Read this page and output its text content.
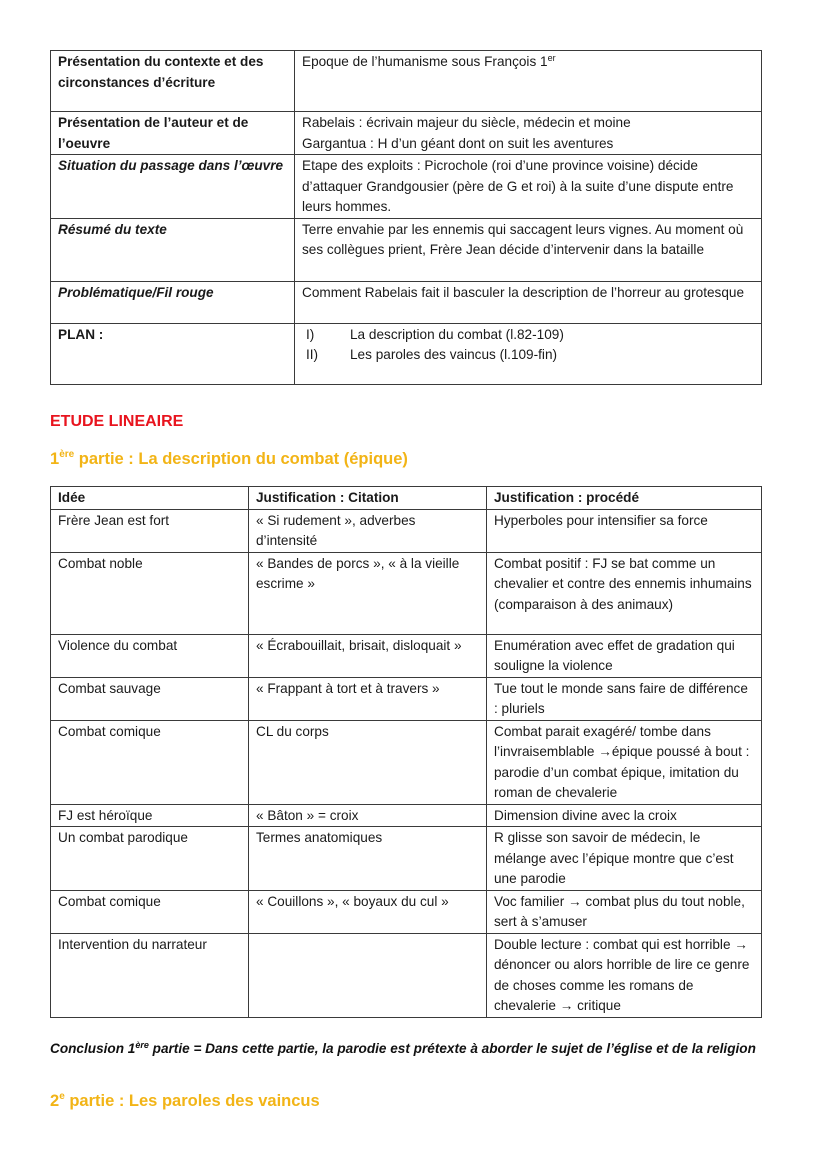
Présentation du contexte et des circonstances d’écriture	Epoque de l’humanisme sous François 1er
Présentation de l’auteur et de l’oeuvre	Rabelais : écrivain majeur du siècle, médecin et moine
Gargantua : H d’un géant dont on suit les aventures

Situation du passage dans l’œuvre	Etape des exploits : Picrochole (roi d’une province voisine) décide d’attaquer Grandgousier (père de G et roi) à la suite d’une dispute entre leurs hommes.
Résumé du texte	Terre envahie par les ennemis qui saccagent leurs vignes. Au moment où ses collègues prient, Frère Jean décide d’intervenir dans la bataille
Problématique/Fil rouge	Comment Rabelais fait il basculer la description de l’horreur au grotesque
PLAN :	I) La description du combat (l.82-109)
II) Les paroles des vaincus (l.109-fin)
ETUDE LINEAIRE
1ère partie : La description du combat (épique)
Idée	Justification : Citation	Justification : procédé
Frère Jean est fort	« Si rudement », adverbes d’intensité	Hyperboles pour intensifier sa force
Combat noble	« Bandes de porcs », « à la vieille escrime »	Combat positif : FJ se bat comme un chevalier et contre des ennemis inhumains (comparaison à des animaux)
Violence du combat	« Écrabouillait, brisait, disloquait »	Enumération avec effet de gradation qui souligne la violence
Combat sauvage	« Frappant à tort et à travers »	Tue tout le monde sans faire de différence : pluriels
Combat comique	CL du corps	Combat parait exagéré/ tombe dans l’invraisemblable →épique poussé à bout : parodie d’un combat épique, imitation du roman de chevalerie
FJ est héroïque	« Bâton » = croix	Dimension divine avec la croix
Un combat parodique	Termes anatomiques	R glisse son savoir de médecin, le mélange avec l’épique montre que c’est une parodie
Combat comique	« Couillons », « boyaux du cul »	Voc familier → combat plus du tout noble, sert à s’amuser
Intervention du narrateur		Double lecture : combat qui est horrible → dénoncer ou alors horrible de lire ce genre de choses comme les romans de chevalerie → critique
Conclusion 1ère partie = Dans cette partie, la parodie est prétexte à aborder le sujet de l’église et de la religion
2e partie : Les paroles des vaincus
